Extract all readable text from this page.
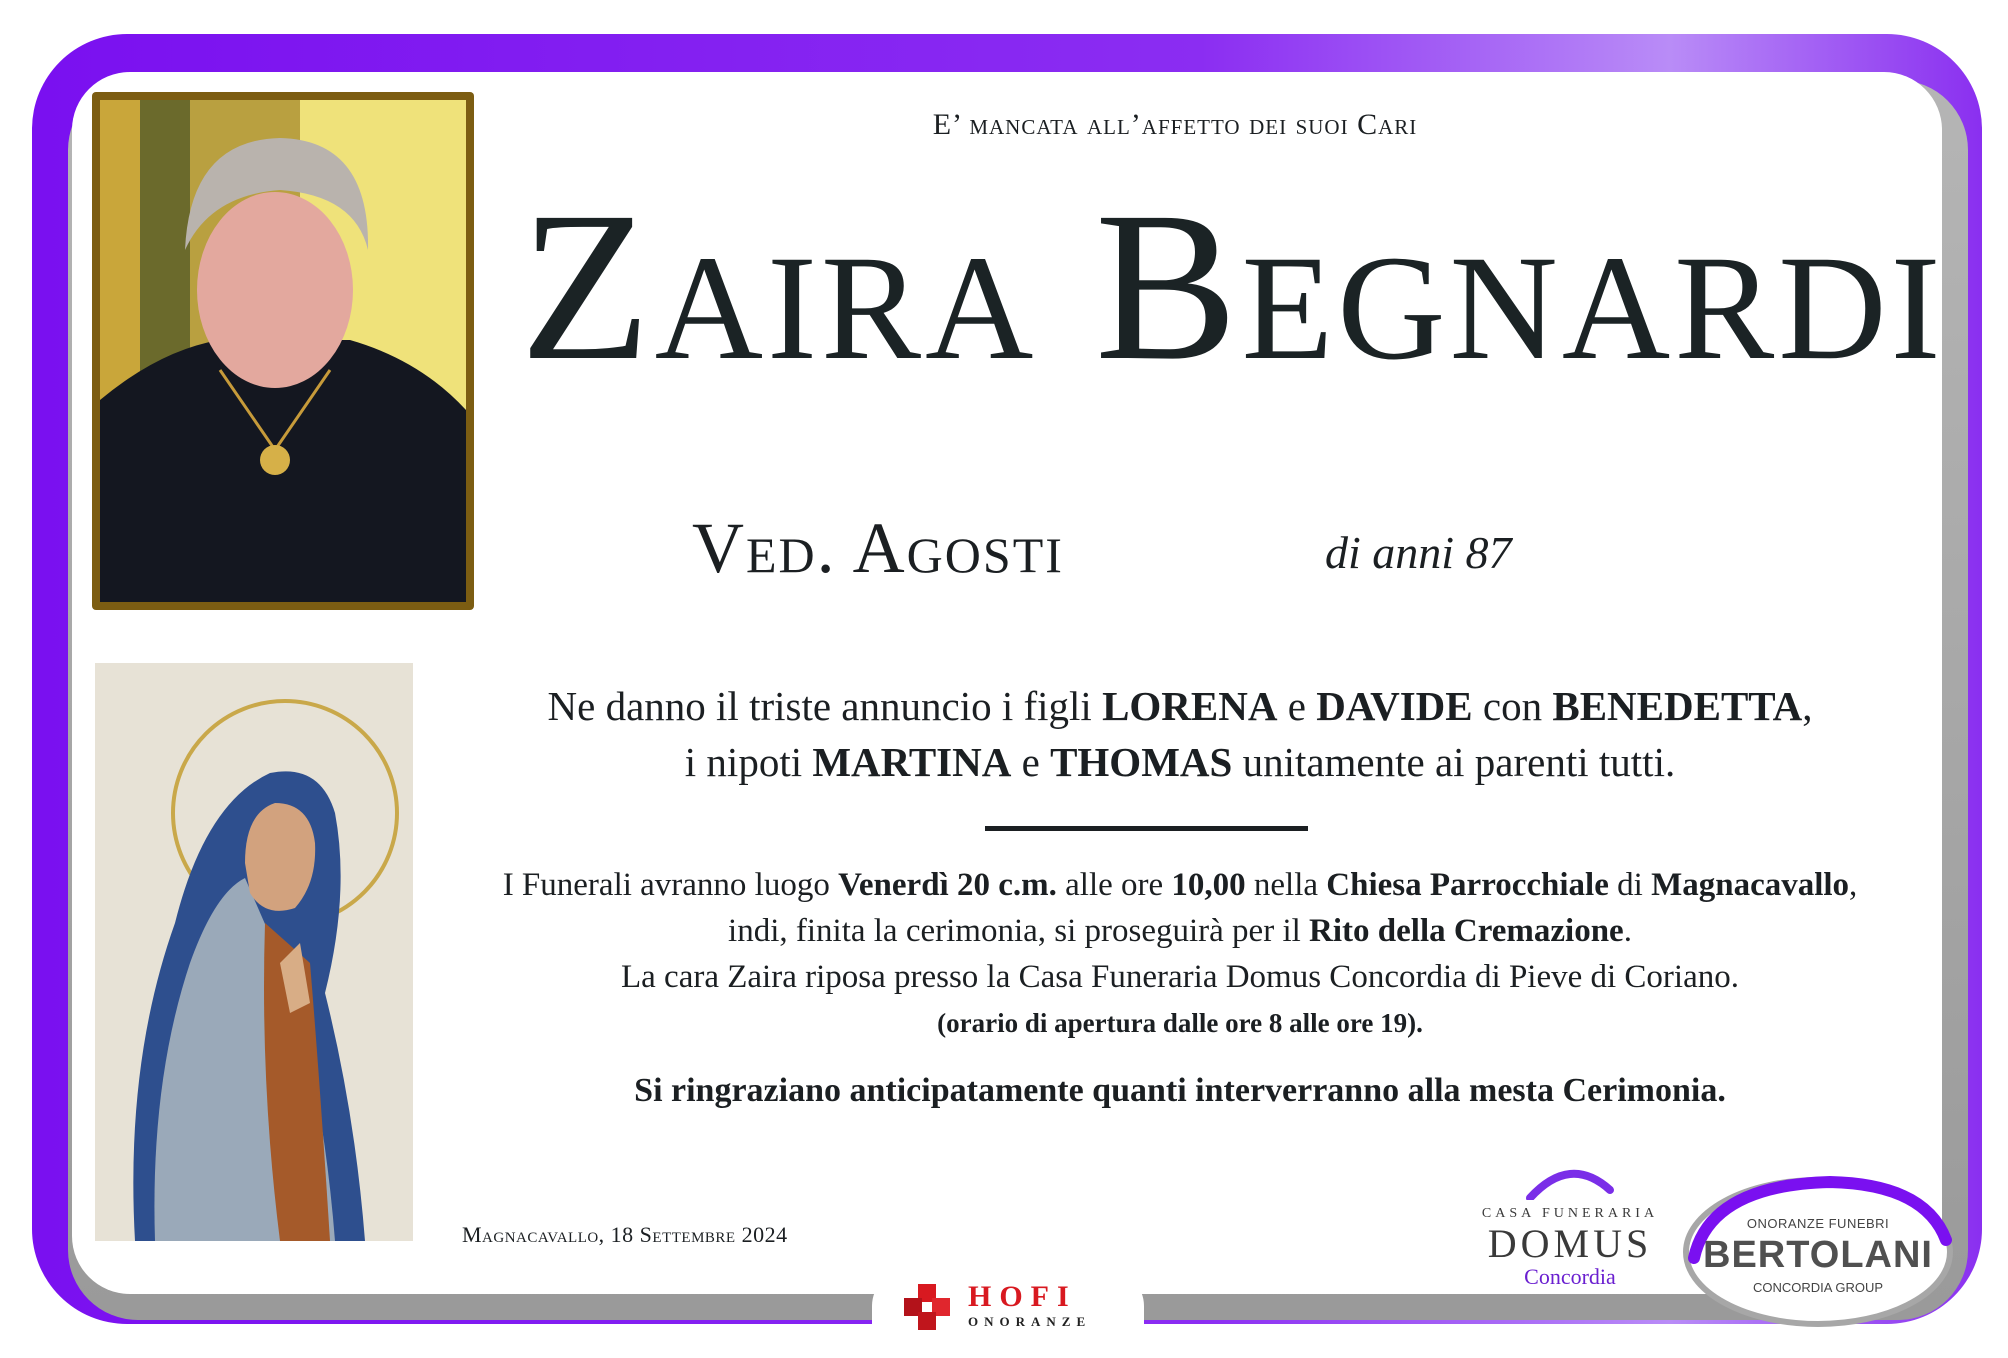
E’ mancata all’affetto dei suoi Cari
Zaira Begnardi
Ved. Agosti	di anni 87
Ne danno il triste annuncio i figli LORENA e DAVIDE con BENEDETTA,
i nipoti MARTINA e THOMAS unitamente ai parenti tutti.
I Funerali avranno luogo Venerdì 20 c.m. alle ore 10,00 nella Chiesa Parrocchiale di Magnacavallo,
indi, finita la cerimonia, si proseguirà per il Rito della Cremazione.
La cara Zaira riposa presso la Casa Funeraria Domus Concordia di Pieve di Coriano.
(orario di apertura dalle ore 8 alle ore 19).
Si ringraziano anticipatamente quanti interverranno alla mesta Cerimonia.
Magnacavallo, 18 Settembre 2024
CASA FUNERARIA
DOMUS
Concordia
ONORANZE FUNEBRI
BERTOLANI
CONCORDIA GROUP
HOFI
ONORANZE
